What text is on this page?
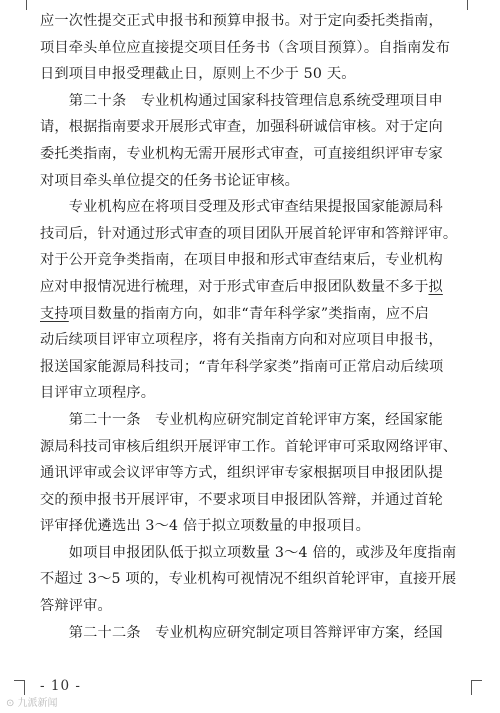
应一次性提交正式申报书和预算申报书。对于定向委托类指南，
项目牵头单位应直接提交项目任务书（含项目预算）。自指南发布
日到项目申报受理截止日，原则上不少于 50 天。
　　第二十条　专业机构通过国家科技管理信息系统受理项目申
请，根据指南要求开展形式审查，加强科研诚信审核。对于定向
委托类指南，专业机构无需开展形式审查，可直接组织评审专家
对项目牵头单位提交的任务书论证审核。
　　专业机构应在将项目受理及形式审查结果提报国家能源局科
技司后，针对通过形式审查的项目团队开展首轮评审和答辩评审。
对于公开竞争类指南，在项目申报和形式审查结束后，专业机构
应对申报情况进行梳理，对于形式审查后申报团队数量不多于拟
支持项目数量的指南方向，如非“青年科学家”类指南，应不启
动后续项目评审立项程序，将有关指南方向和对应项目申报书，
报送国家能源局科技司；“青年科学家类”指南可正常启动后续项
目评审立项程序。
　　第二十一条　专业机构应研究制定首轮评审方案，经国家能
源局科技司审核后组织开展评审工作。首轮评审可采取网络评审、
通讯评审或会议评审等方式，组织评审专家根据项目申报团队提
交的预申报书开展评审，不要求项目申报团队答辩，并通过首轮
评审择优遴选出 3～4 倍于拟立项数量的申报项目。
　　如项目申报团队低于拟立项数量 3～4 倍的，或涉及年度指南
不超过 3～5 项的，专业机构可视情况不组织首轮评审，直接开展
答辩评审。
　　第二十二条　专业机构应研究制定项目答辩评审方案，经国
- 10 -
⊙ 九派新闻
